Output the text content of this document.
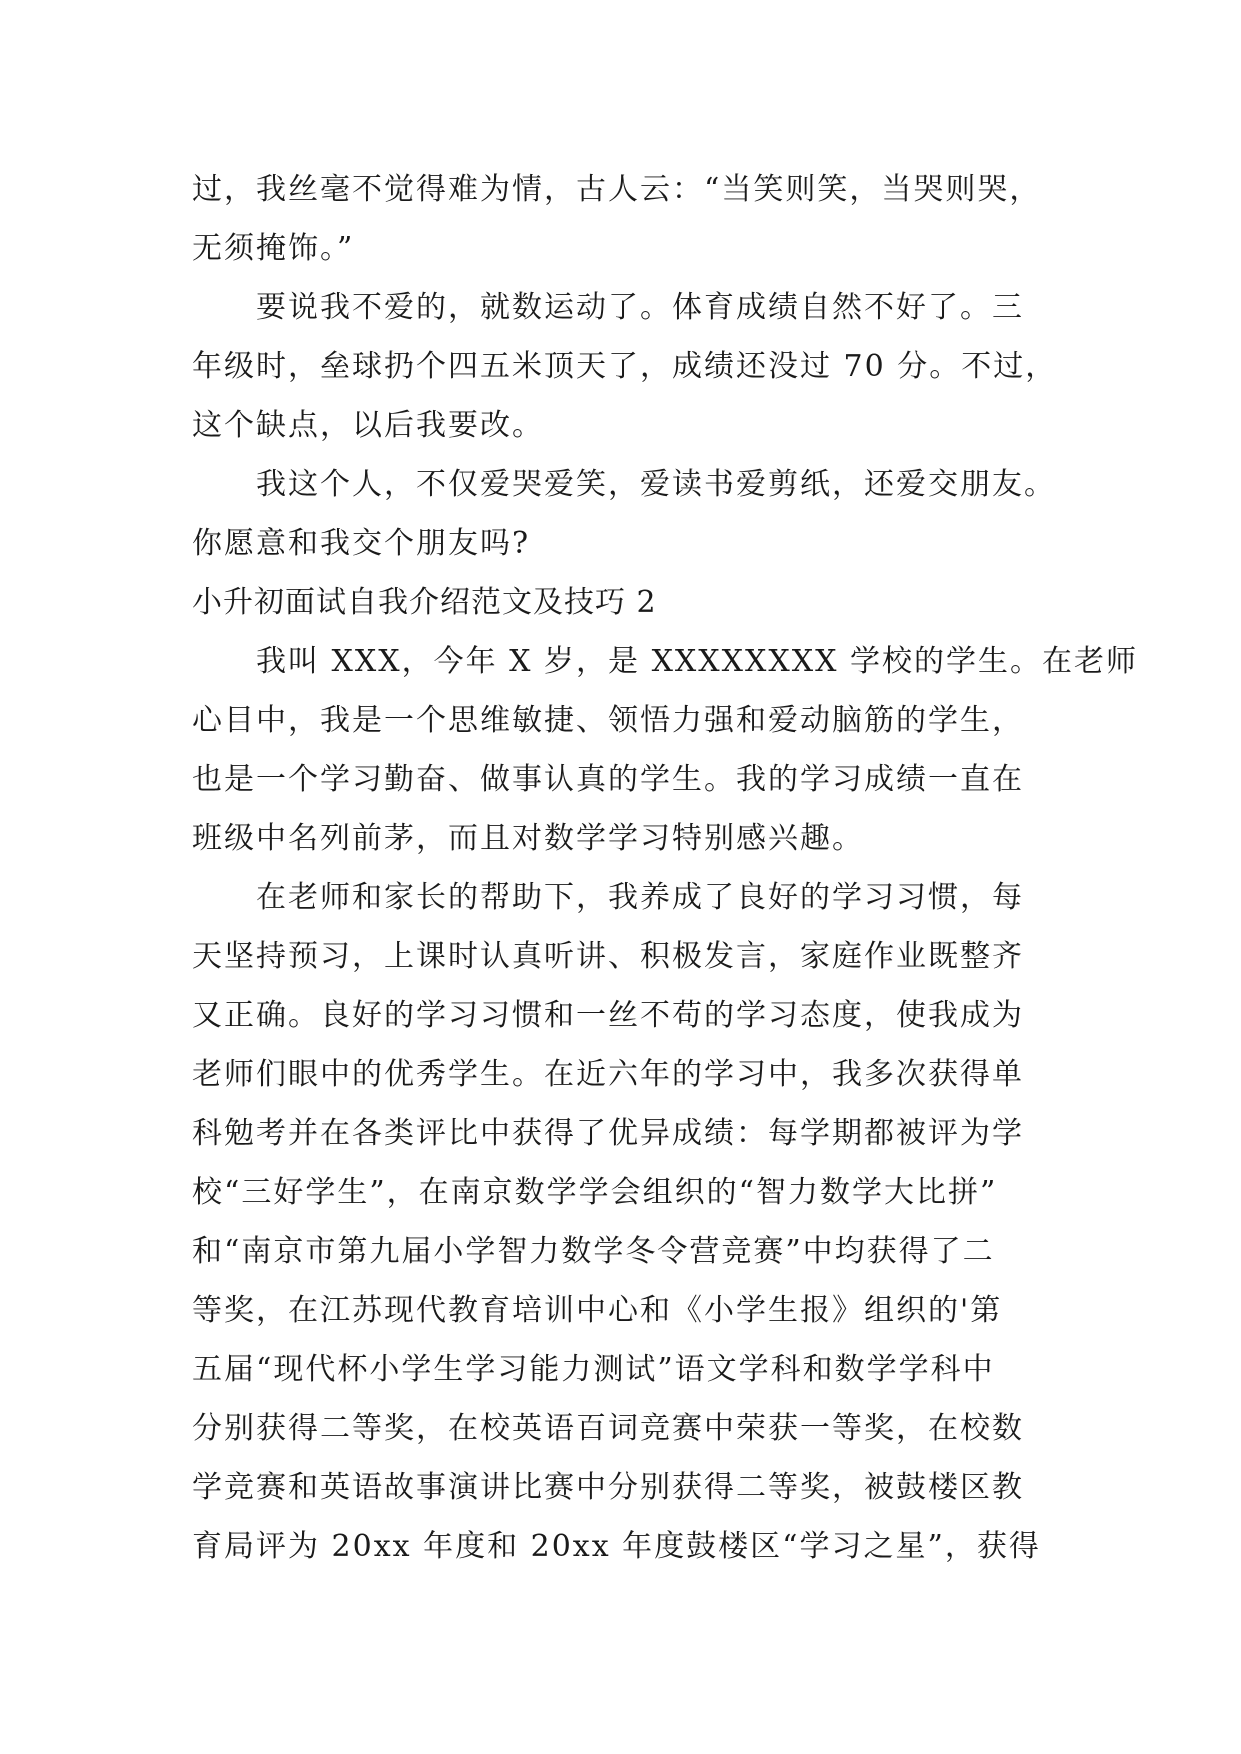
过，我丝毫不觉得难为情，古人云：“当笑则笑，当哭则哭，
无须掩饰。”
要说我不爱的，就数运动了。体育成绩自然不好了。三
年级时，垒球扔个四五米顶天了，成绩还没过 70 分。不过，
这个缺点，以后我要改。
我这个人，不仅爱哭爱笑，爱读书爱剪纸，还爱交朋友。
你愿意和我交个朋友吗?
小升初面试自我介绍范文及技巧 2
我叫 XXX，今年 X 岁，是 XXXXXXXX 学校的学生。在老师
心目中，我是一个思维敏捷、领悟力强和爱动脑筋的学生，
也是一个学习勤奋、做事认真的学生。我的学习成绩一直在
班级中名列前茅，而且对数学学习特别感兴趣。
在老师和家长的帮助下，我养成了良好的学习习惯，每
天坚持预习，上课时认真听讲、积极发言，家庭作业既整齐
又正确。良好的学习习惯和一丝不苟的学习态度，使我成为
老师们眼中的优秀学生。在近六年的学习中，我多次获得单
科勉考并在各类评比中获得了优异成绩：每学期都被评为学
校“三好学生”，在南京数学学会组织的“智力数学大比拼”
和“南京市第九届小学智力数学冬令营竞赛”中均获得了二
等奖，在江苏现代教育培训中心和《小学生报》组织的'第
五届“现代杯小学生学习能力测试”语文学科和数学学科中
分别获得二等奖，在校英语百词竞赛中荣获一等奖，在校数
学竞赛和英语故事演讲比赛中分别获得二等奖，被鼓楼区教
育局评为 20xx 年度和 20xx 年度鼓楼区“学习之星”，获得
